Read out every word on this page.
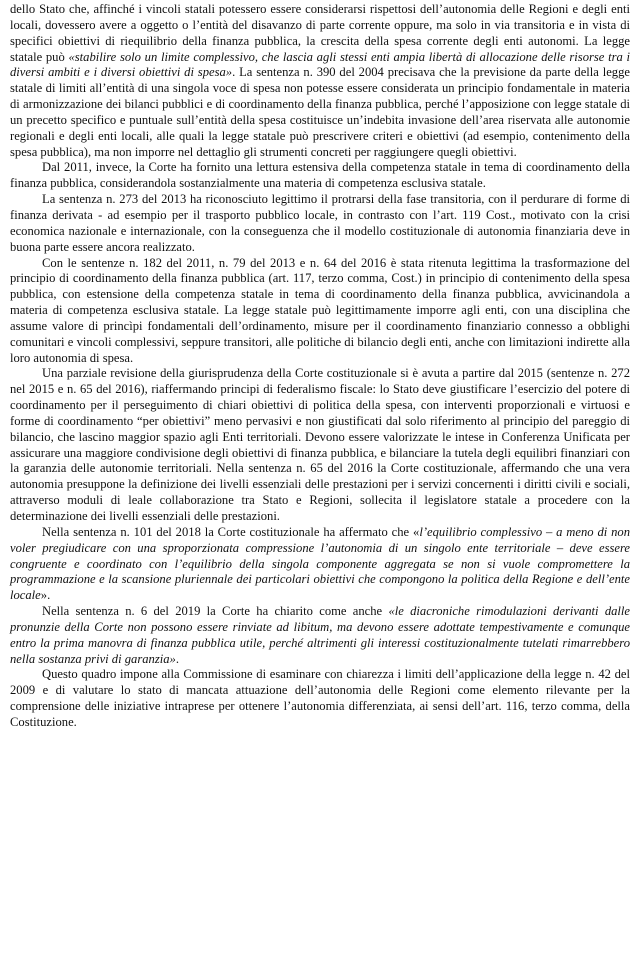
dello Stato che, affinché i vincoli statali potessero essere considerarsi rispettosi dell’autonomia delle Regioni e degli enti locali, dovessero avere a oggetto o l’entità del disavanzo di parte corrente oppure, ma solo in via transitoria e in vista di specifici obiettivi di riequilibrio della finanza pubblica, la crescita della spesa corrente degli enti autonomi. La legge statale può «stabilire solo un limite complessivo, che lascia agli stessi enti ampia libertà di allocazione delle risorse tra i diversi ambiti e i diversi obiettivi di spesa». La sentenza n. 390 del 2004 precisava che la previsione da parte della legge statale di limiti all’entità di una singola voce di spesa non potesse essere considerata un principio fondamentale in materia di armonizzazione dei bilanci pubblici e di coordinamento della finanza pubblica, perché l’apposizione con legge statale di un precetto specifico e puntuale sull’entità della spesa costituisce un’indebita invasione dell’area riservata alle autonomie regionali e degli enti locali, alle quali la legge statale può prescrivere criteri e obiettivi (ad esempio, contenimento della spesa pubblica), ma non imporre nel dettaglio gli strumenti concreti per raggiungere quegli obiettivi.

Dal 2011, invece, la Corte ha fornito una lettura estensiva della competenza statale in tema di coordinamento della finanza pubblica, considerandola sostanzialmente una materia di competenza esclusiva statale.

La sentenza n. 273 del 2013 ha riconosciuto legittimo il protrarsi della fase transitoria, con il perdurare di forme di finanza derivata - ad esempio per il trasporto pubblico locale, in contrasto con l’art. 119 Cost., motivato con la crisi economica nazionale e internazionale, con la conseguenza che il modello costituzionale di autonomia finanziaria deve in buona parte essere ancora realizzato.

Con le sentenze n. 182 del 2011, n. 79 del 2013 e n. 64 del 2016 è stata ritenuta legittima la trasformazione del principio di coordinamento della finanza pubblica (art. 117, terzo comma, Cost.) in principio di contenimento della spesa pubblica, con estensione della competenza statale in tema di coordinamento della finanza pubblica, avvicinandola a materia di competenza esclusiva statale. La legge statale può legittimamente imporre agli enti, con una disciplina che assume valore di princìpi fondamentali dell’ordinamento, misure per il coordinamento finanziario connesso a obblighi comunitari e vincoli complessivi, seppure transitori, alle politiche di bilancio degli enti, anche con limitazioni indirette alla loro autonomia di spesa.

Una parziale revisione della giurisprudenza della Corte costituzionale si è avuta a partire dal 2015 (sentenze n. 272 nel 2015 e n. 65 del 2016), riaffermando principi di federalismo fiscale: lo Stato deve giustificare l’esercizio del potere di coordinamento per il perseguimento di chiari obiettivi di politica della spesa, con interventi proporzionali e virtuosi e forme di coordinamento “per obiettivi” meno pervasivi e non giustificati dal solo riferimento al principio del pareggio di bilancio, che lascino maggior spazio agli Enti territoriali. Devono essere valorizzate le intese in Conferenza Unificata per assicurare una maggiore condivisione degli obiettivi di finanza pubblica, e bilanciare la tutela degli equilibri finanziari con la garanzia delle autonomie territoriali. Nella sentenza n. 65 del 2016 la Corte costituzionale, affermando che una vera autonomia presuppone la definizione dei livelli essenziali delle prestazioni per i servizi concernenti i diritti civili e sociali, attraverso moduli di leale collaborazione tra Stato e Regioni, sollecita il legislatore statale a procedere con la determinazione dei livelli essenziali delle prestazioni.

Nella sentenza n. 101 del 2018 la Corte costituzionale ha affermato che «l’equilibrio complessivo – a meno di non voler pregiudicare con una sproporzionata compressione l’autonomia di un singolo ente territoriale – deve essere congruente e coordinato con l’equilibrio della singola componente aggregata se non si vuole compromettere la programmazione e la scansione pluriennale dei particolari obiettivi che compongono la politica della Regione e dell’ente locale».

Nella sentenza n. 6 del 2019 la Corte ha chiarito come anche «le diacroniche rimodulazioni derivanti dalle pronunzie della Corte non possono essere rinviate ad libitum, ma devono essere adottate tempestivamente e comunque entro la prima manovra di finanza pubblica utile, perché altrimenti gli interessi costituzionalmente tutelati rimarrebbero nella sostanza privi di garanzia».

Questo quadro impone alla Commissione di esaminare con chiarezza i limiti dell’applicazione della legge n. 42 del 2009 e di valutare lo stato di mancata attuazione dell’autonomia delle Regioni come elemento rilevante per la comprensione delle iniziative intraprese per ottenere l’autonomia differenziata, ai sensi dell’art. 116, terzo comma, della Costituzione.
